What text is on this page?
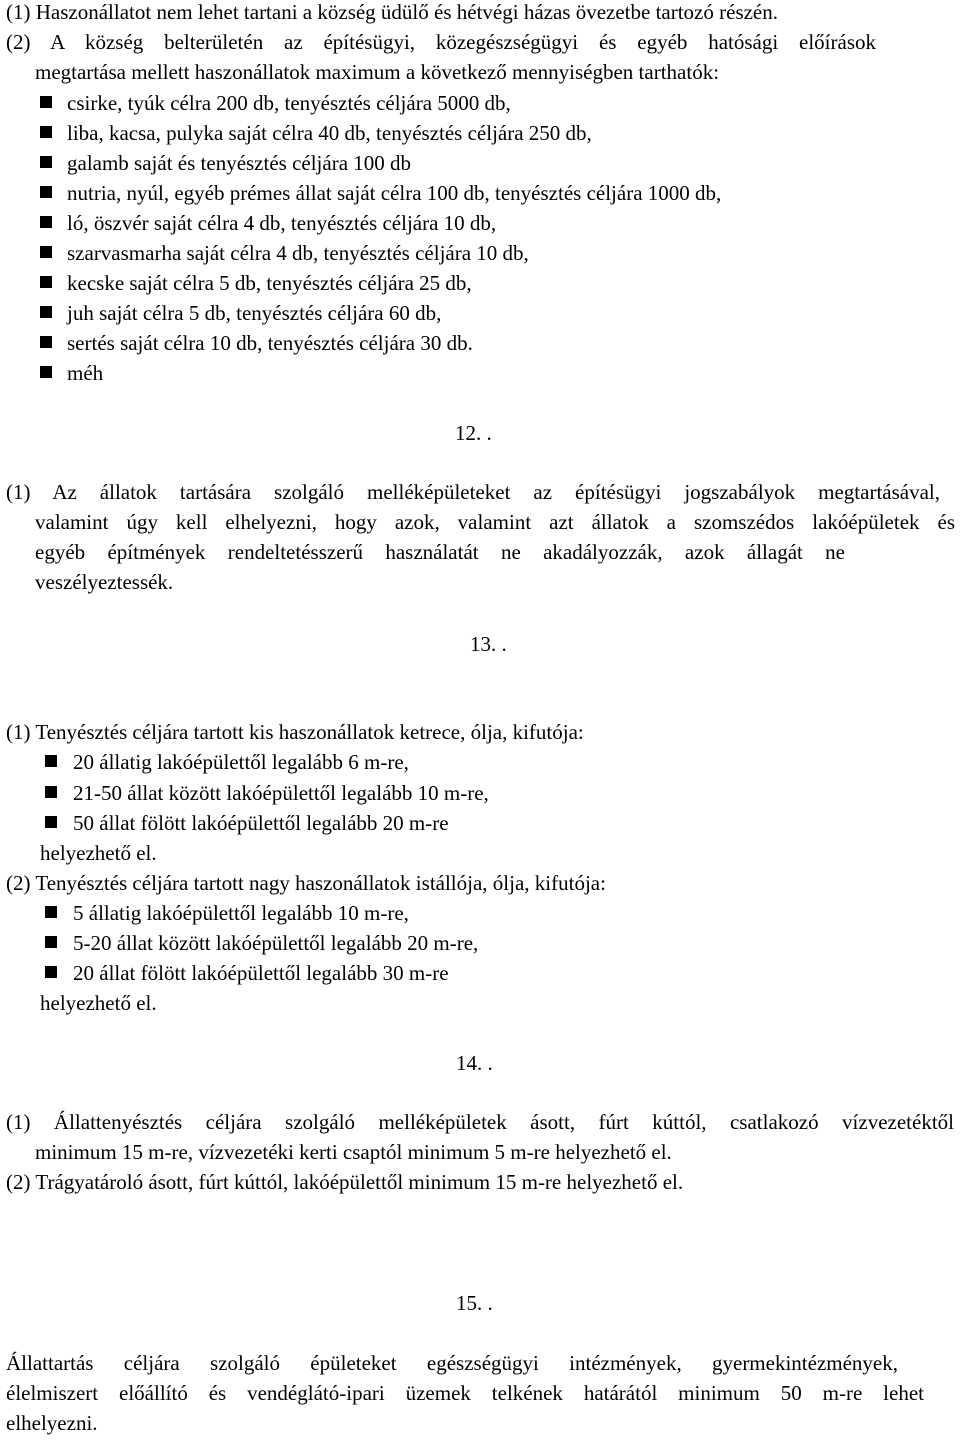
(1) Haszonállatot nem lehet tartani a község üdülő és hétvégi házas övezetbe tartozó részén.
(2) A község belterületén az építésügyi, közegészségügyi és egyéb hatósági előírások
megtartása mellett haszonállatok maximum a következő mennyiségben tarthatók:
csirke, tyúk célra 200 db, tenyésztés céljára 5000 db,
liba, kacsa, pulyka saját célra 40 db, tenyésztés céljára 250 db,
galamb saját és tenyésztés céljára 100 db
nutria, nyúl, egyéb prémes állat saját célra 100 db, tenyésztés céljára 1000 db,
ló, öszvér saját célra 4 db, tenyésztés céljára 10 db,
szarvasmarha saját célra 4 db, tenyésztés céljára 10 db,
kecske saját célra 5 db, tenyésztés céljára 25 db,
juh saját célra 5 db, tenyésztés céljára 60 db,
sertés saját célra 10 db, tenyésztés céljára 30 db.
méh
12. .
(1) Az állatok tartására szolgáló melléképületeket az építésügyi jogszabályok megtartásával,
valamint úgy kell elhelyezni, hogy azok, valamint azt állatok a szomszédos lakóépületek és
egyéb építmények rendeltetésszerű használatát ne akadályozzák, azok állagát ne
veszélyeztessék.
13. .
(1) Tenyésztés céljára tartott kis haszonállatok ketrece, ólja, kifutója:
20 állatig lakóépülettől legalább 6 m-re,
21-50 állat között lakóépülettől legalább 10 m-re,
50 állat fölött lakóépülettől legalább 20 m-re
helyezhető el.
(2) Tenyésztés céljára tartott nagy haszonállatok istállója, ólja, kifutója:
5 állatig lakóépülettől legalább 10 m-re,
5-20 állat között lakóépülettől legalább 20 m-re,
20 állat fölött lakóépülettől legalább 30 m-re
helyezhető el.
14. .
(1) Állattenyésztés céljára szolgáló melléképületek ásott, fúrt kúttól, csatlakozó vízvezetéktől
minimum 15 m-re, vízvezetéki kerti csaptól minimum 5 m-re helyezhető el.
(2) Trágyatároló ásott, fúrt kúttól, lakóépülettől minimum 15 m-re helyezhető el.
15. .
Állattartás céljára szolgáló épületeket egészségügyi intézmények, gyermekintézmények,
élelmiszert előállító és vendéglátó-ipari üzemek telkének határától minimum 50 m-re lehet
elhelyezni.
